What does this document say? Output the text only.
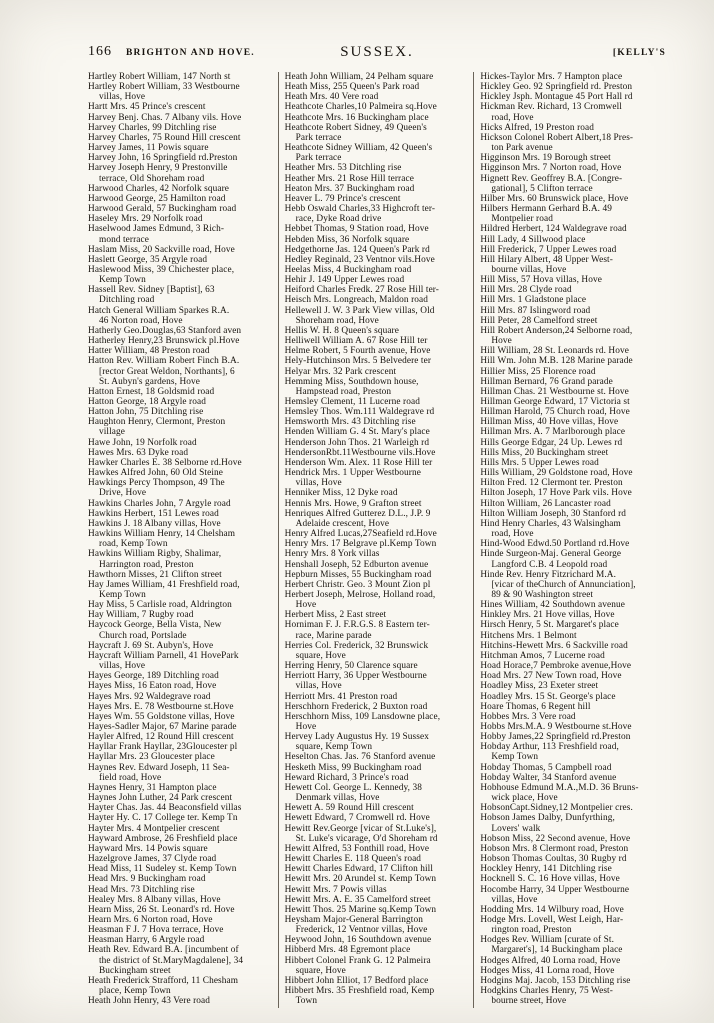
166 BRIGHTON AND HOVE.	SUSSEX.	[KELLY'S
Hartley Robert William, 147 North st
Hartley Robert William, 33 Westbourne
villas, Hove
Hartt Mrs. 45 Prince's crescent
Harvey Benj. Chas. 7 Albany vils. Hove
Harvey Charles, 99 Ditchling rise
Harvey Charles, 75 Round Hill crescent
Harvey James, 11 Powis square
Harvey John, 16 Springfield rd.Preston
Harvey Joseph Henry, 9 Prestonville
terrace, Old Shoreham road
Harwood Charles, 42 Norfolk square
Harwood George, 25 Hamilton road
Harwood Gerald, 57 Buckingham road
Haseley Mrs. 29 Norfolk road
Haselwood James Edmund, 3 Rich-
mond terrace
Haslam Miss, 20 Sackville road, Hove
Haslett George, 35 Argyle road
Haslewood Miss, 39 Chichester place,
Kemp Town
Hassell Rev. Sidney [Baptist], 63
Ditchling road
Hatch General William Sparkes R.A.
46 Norton road, Hove
Hatherly Geo.Douglas,63 Stanford aven
Hatherley Henry,23 Brunswick pl.Hove
Hatter William, 48 Preston road
Hatton Rev. William Robert Finch B.A.
[rector Great Weldon, Northants], 6
St. Aubyn's gardens, Hove
Hatton Ernest, 18 Goldsmid road
Hatton George, 18 Argyle road
Hatton John, 75 Ditchling rise
Haughton Henry, Clermont, Preston
village
Hawe John, 19 Norfolk road
Hawes Mrs. 63 Dyke road
Hawker Charles E. 38 Selborne rd.Hove
Hawkes Alfred John, 60 Old Steine
Hawkings Percy Thompson, 49 The
Drive, Hove
Hawkins Charles John, 7 Argyle road
Hawkins Herbert, 151 Lewes road
Hawkins J. 18 Albany villas, Hove
Hawkins William Henry, 14 Chelsham
road, Kemp Town
Hawkins William Rigby, Shalimar,
Harrington road, Preston
Hawthorn Misses, 21 Clifton street
Hay James William, 41 Freshfield road,
Kemp Town
Hay Miss, 5 Carlisle road, Aldrington
Hay William, 7 Rugby road
Haycock George, Bella Vista, New
Church road, Portslade
Haycraft J. 69 St. Aubyn's, Hove
Haycraft William Parnell, 41 HovePark
villas, Hove
Hayes George, 189 Ditchling road
Hayes Miss, 16 Eaton road, Hove
Hayes Mrs. 92 Waldegrave road
Hayes Mrs. E. 78 Westbourne st.Hove
Hayes Wm. 55 Goldstone villas, Hove
Hayes-Sadler Major, 67 Marine parade
Hayler Alfred, 12 Round Hill crescent
Hayllar Frank Hayllar, 23Gloucester pl
Hayllar Mrs. 23 Gloucester place
Haynes Rev. Edward Joseph, 11 Sea-
field road, Hove
Haynes Henry, 31 Hampton place
Haynes John Luther, 24 Park crescent
Hayter Chas. Jas. 44 Beaconsfield villas
Hayter Hy. C. 17 College ter. Kemp Tn
Hayter Mrs. 4 Montpelier crescent
Hayward Ambrose, 26 Freshfield place
Hayward Mrs. 14 Powis square
Hazelgrove James, 37 Clyde road
Head Miss, 11 Sudeley st. Kemp Town
Head Mrs. 9 Buckingham road
Head Mrs. 73 Ditchling rise
Healey Mrs. 8 Albany villas, Hove
Hearn Miss, 26 St. Leonard's rd. Hove
Hearn Mrs. 6 Norton road, Hove
Heasman F J. 7 Hova terrace, Hove
Heasman Harry, 6 Argyle road
Heath Rev. Edward B.A. [incumbent of
the district of St.MaryMagdalene], 34
Buckingham street
Heath Frederick Strafford, 11 Chesham
place, Kemp Town
Heath John Henry, 43 Vere road
Heath John William, 24 Pelham square
Heath Miss, 255 Queen's Park road
Heath Mrs. 40 Vere road
Heathcote Charles,10 Palmeira sq.Hove
Heathcote Mrs. 16 Buckingham place
Heathcote Robert Sidney, 49 Queen's
Park terrace
Heathcote Sidney William, 42 Queen's
Park terrace
Heather Mrs. 53 Ditchling rise
Heather Mrs. 21 Rose Hill terrace
Heaton Mrs. 37 Buckingham road
Heaver L. 79 Prince's crescent
Hebb Oswald Charles,33 Highcroft ter-
race, Dyke Road drive
Hebbet Thomas, 9 Station road, Hove
Hebden Miss, 36 Norfolk square
Hedgethorne Jas. 124 Queen's Park rd
Hedley Reginald, 23 Ventnor vils.Hove
Heelas Miss, 4 Buckingham road
Hehir J. 149 Upper Lewes road
Heiford Charles Fredk. 27 Rose Hill ter-
Heisch Mrs. Longreach, Maldon road
Hellewell J. W. 3 Park View villas, Old
Shoreham road, Hove
Hellis W. H. 8 Queen's square
Helliwell William A. 67 Rose Hill ter
Helme Robert, 5 Fourth avenue, Hove
Hely-Hutchinson Mrs. 5 Belvedere ter
Helyar Mrs. 32 Park crescent
Hemming Miss, Southdown house,
Hampstead road, Preston
Hemsley Clement, 11 Lucerne road
Hemsley Thos. Wm.111 Waldegrave rd
Hemsworth Mrs. 43 Ditchling rise
Henden William G. 4 St. Mary's place
Henderson John Thos. 21 Warleigh rd
HendersonRbt.11Westbourne vils.Hove
Henderson Wm. Alex. 11 Rose Hill ter
Hendrick Mrs. 1 Upper Westbourne
villas, Hove
Henniker Miss, 12 Dyke road
Hennis Mrs. Howe, 9 Grafton street
Henriques Alfred Gutterez D.L., J.P. 9
Adelaide crescent, Hove
Henry Alfred Lucas,27Seafield rd.Hove
Henry Mrs. 17 Belgrave pl.Kemp Town
Henry Mrs. 8 York villas
Henshall Joseph, 52 Edburton avenue
Hepburn Misses, 55 Buckingham road
Herbert Christr. Geo. 3 Mount Zion pl
Herbert Joseph, Melrose, Holland road,
Hove
Herbert Miss, 2 East street
Horniman F. J. F.R.G.S. 8 Eastern ter-
race, Marine parade
Herries Col. Frederick, 32 Brunswick
square, Hove
Herring Henry, 50 Clarence square
Herriott Harry, 36 Upper Westbourne
villas, Hove
Herriott Mrs. 41 Preston road
Herschhorn Frederick, 2 Buxton road
Herschhorn Miss, 109 Lansdowne place,
Hove
Hervey Lady Augustus Hy. 19 Sussex
square, Kemp Town
Heselton Chas. Jas. 76 Stanford avenue
Hesketh Miss, 99 Buckingham road
Heward Richard, 3 Prince's road
Hewett Col. George L. Kennedy, 38
Denmark villas, Hove
Hewett A. 59 Round Hill crescent
Hewett Edward, 7 Cromwell rd. Hove
Hewitt Rev.George [vicar of St.Luke's],
St. Luke's vicarage, O'd Shoreham rd
Hewitt Alfred, 53 Fonthill road, Hove
Hewitt Charles E. 118 Queen's road
Hewitt Charles Edward, 17 Clifton hill
Hewitt Mrs. 20 Arundel st. Kemp Town
Hewitt Mrs. 7 Powis villas
Hewitt Mrs. A. E. 35 Camelford street
Hewitt Thos. 25 Marine sq.Kemp Town
Heysham Major-General Barrington
Frederick, 12 Ventnor villas, Hove
Heywood John, 16 Southdown avenue
Hibberd Mrs. 48 Egremont place
Hibbert Colonel Frank G. 12 Palmeira
square, Hove
Hibbert John Elliot, 17 Bedford place
Hibbert Mrs. 35 Freshfield road, Kemp
Town
Hickes-Taylor Mrs. 7 Hampton place
Hickley Geo. 92 Springfield rd. Preston
Hickley Jsph. Montague 45 Port Hall rd
Hickman Rev. Richard, 13 Cromwell
road, Hove
Hicks Alfred, 19 Preston road
Hickson Colonel Robert Albert,18 Pres-
ton Park avenue
Higginson Mrs. 19 Borough street
Higginson Mrs. 7 Norton road, Hove
Hignett Rev. Geoffrey B.A. [Congre-
gational], 5 Clifton terrace
Hilber Mrs. 60 Brunswick place, Hove
Hilbers Hermann Gerhard B.A. 49
Montpelier road
Hildred Herbert, 124 Waldegrave road
Hill Lady, 4 Sillwood place
Hill Frederick, 7 Upper Lewes road
Hill Hilary Albert, 48 Upper West-
bourne villas, Hove
Hill Miss, 57 Hova villas, Hove
Hill Mrs. 28 Clyde road
Hill Mrs. 1 Gladstone place
Hill Mrs. 87 Islingword road
Hill Peter, 28 Camelford street
Hill Robert Anderson,24 Selborne road,
Hove
Hill William, 28 St. Leonards rd. Hove
Hill Wm. John M.B. 128 Marine parade
Hillier Miss, 25 Florence road
Hillman Bernard, 76 Grand parade
Hillman Chas. 21 Westbourne st. Hove
Hillman George Edward, 17 Victoria st
Hillman Harold, 75 Church road, Hove
Hillman Miss, 40 Hove villas, Hove
Hillman Mrs. A. 7 Marlborough place
Hills George Edgar, 24 Up. Lewes rd
Hills Miss, 20 Buckingham street
Hills Mrs. 5 Upper Lewes road
Hills William, 29 Goldstone road, Hove
Hilton Fred. 12 Clermont ter. Preston
Hilton Joseph, 17 Hove Park vils. Hove
Hilton William, 26 Lancaster road
Hilton William Joseph, 30 Stanford rd
Hind Henry Charles, 43 Walsingham
road, Hove
Hind-Wood Edwd.50 Portland rd.Hove
Hinde Surgeon-Maj. General George
Langford C.B. 4 Leopold road
Hinde Rev. Henry Fitzrichard M.A.
[vicar of theChurch of Annunciation],
89 & 90 Washington street
Hines William, 42 Southdown avenue
Hinkley Mrs. 21 Hove villas, Hove
Hirsch Henry, 5 St. Margaret's place
Hitchens Mrs. 1 Belmont
Hitchins-Hewett Mrs. 6 Sackville road
Hitchman Amos, 7 Lucerne road
Hoad Horace,7 Pembroke avenue,Hove
Hoad Mrs. 27 New Town road, Hove
Hoadley Miss, 23 Exeter street
Hoadley Mrs. 15 St. George's place
Hoare Thomas, 6 Regent hill
Hobbes Mrs. 3 Vere road
Hobbs Mrs.M.A. 9 Westbourne st.Hove
Hobby James,22 Springfield rd.Preston
Hobday Arthur, 113 Freshfield road,
Kemp Town
Hobday Thomas, 5 Campbell road
Hobday Walter, 34 Stanford avenue
Hobhouse Edmund M.A.,M.D. 36 Bruns-
wick place, Hove
HobsonCapt.Sidney,12 Montpelier cres.
Hobson James Dalby, Dunfyrthing,
Lovers' walk
Hobson Miss, 22 Second avenue, Hove
Hobson Mrs. 8 Clermont road, Preston
Hobson Thomas Coultas, 30 Rugby rd
Hockley Henry, 141 Ditchling rise
Hocknell S. C. 16 Hove villas, Hove
Hocombe Harry, 34 Upper Westbourne
villas, Hove
Hodding Mrs. 14 Wilbury road, Hove
Hodge Mrs. Lovell, West Leigh, Har-
rington road, Preston
Hodges Rev. William [curate of St.
Margaret's], 14 Buckingham place
Hodges Alfred, 40 Lorna road, Hove
Hodges Miss, 41 Lorna road, Hove
Hodgins Maj. Jacob, 153 Ditchling rise
Hodgkins Charles Henry, 75 West-
bourne street, Hove
